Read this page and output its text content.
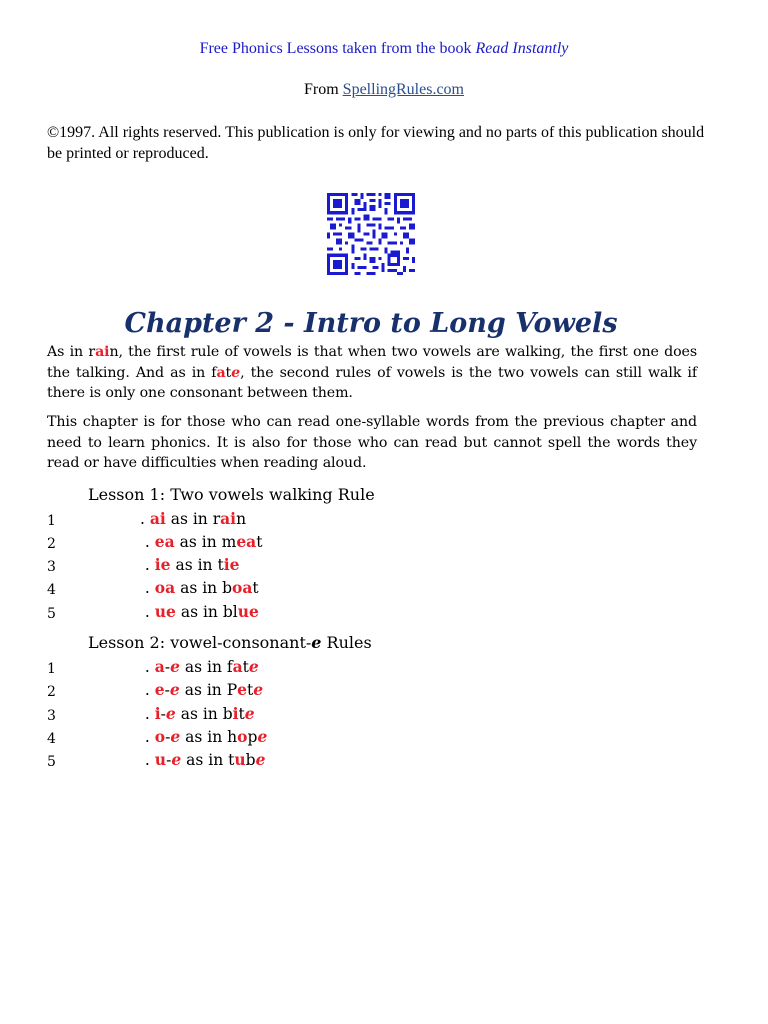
Free Phonics Lessons taken from the book Read Instantly
From SpellingRules.com
©1997. All rights reserved. This publication is only for viewing and no parts of this publication should be printed or reproduced.
Chapter 2 - Intro to Long Vowels
As in rain, the first rule of vowels is that when two vowels are walking, the first one does the talking. And as in fate, the second rules of vowels is the two vowels can still walk if there is only one consonant between them.
This chapter is for those who can read one-syllable words from the previous chapter and need to learn phonics. It is also for those who can read but cannot spell the words they read or have difficulties when reading aloud.
Lesson 1: Two vowels walking Rule
1	. ai as in rain
2	. ea as in meat
3	. ie as in tie
4	. oa as in boat
5	. ue as in blue
Lesson 2: vowel-consonant-e Rules
1	. a-e as in fate
2	. e-e as in Pete
3	. i-e as in bite
4	. o-e as in hope
5	. u-e as in tube
